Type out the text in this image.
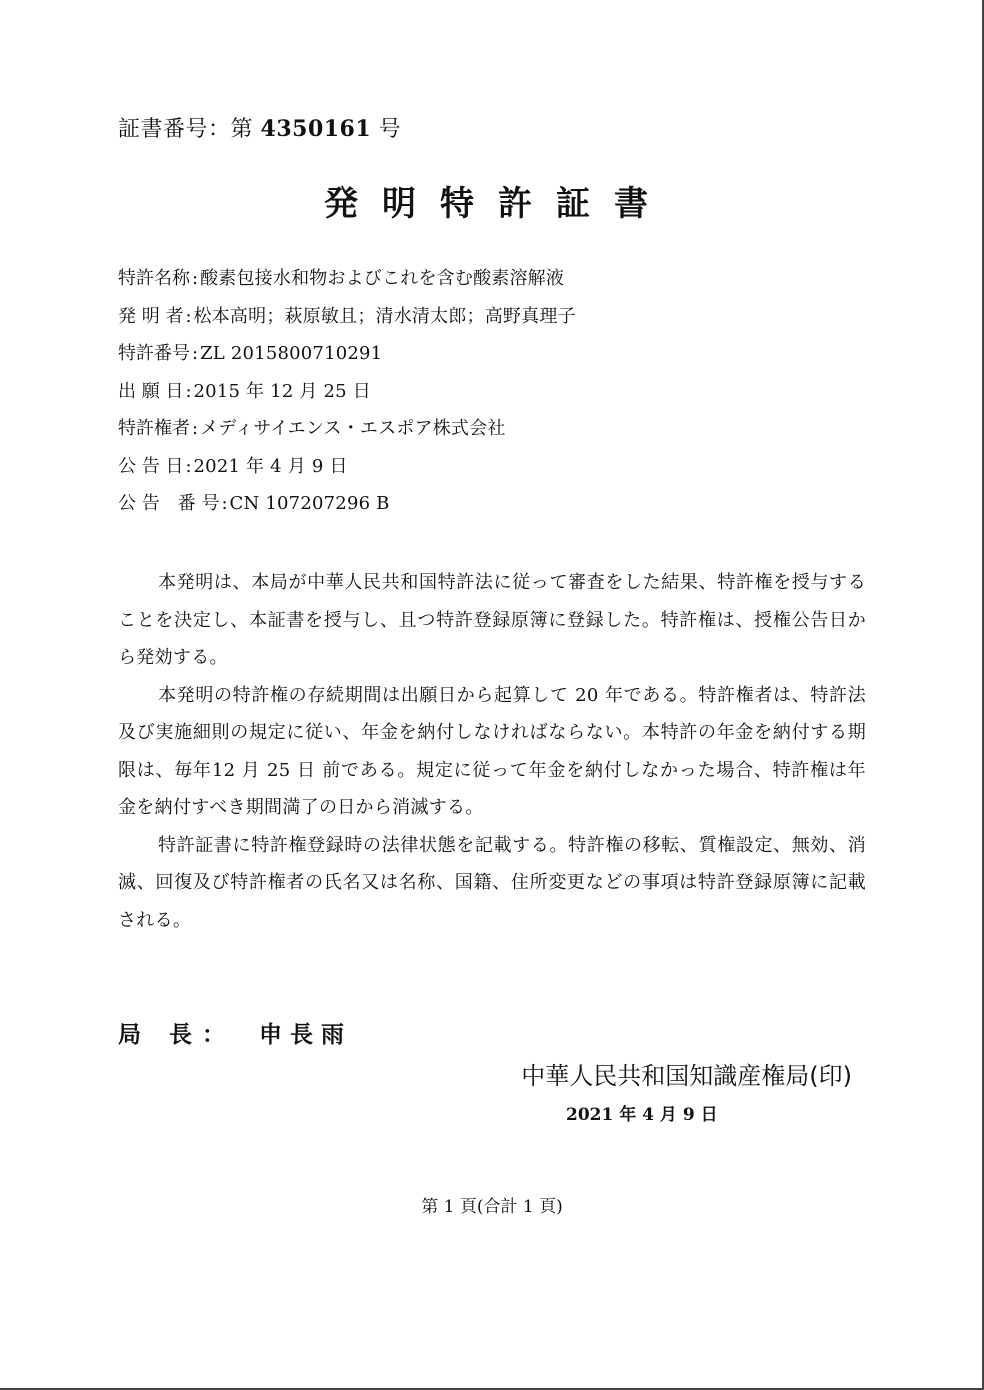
証書番号：第 4350161 号
発明特許証書
特許名称 : 酸素包接水和物およびこれを含む酸素溶解液
発 明 者 : 松本高明；萩原敏且；清水清太郎；高野真理子
特許番号 : ZL 2015800710291
出 願 日 : 2015 年 12 月 25 日
特許権者 : メディサイエンス・エスポア株式会社
公 告 日 : 2021 年 4 月 9 日
公 告　番 号 : CN 107207296 B

本発明は、本局が中華人民共和国特許法に従って審査をした結果、特許権を授与することを決定し、本証書を授与し、且つ特許登録原簿に登録した。特許権は、授権公告日から発効する。

本発明の特許権の存続期間は出願日から起算して 20 年である。特許権者は、特許法及び実施細則の規定に従い、年金を納付しなければならない。本特許の年金を納付する期限は、毎年12 月 25 日 前である。規定に従って年金を納付しなかった場合、特許権は年金を納付すべき期間満了の日から消滅する。

特許証書に特許権登録時の法律状態を記載する。特許権の移転、質権設定、無効、消滅、回復及び特許権者の氏名又は名称、国籍、住所変更などの事項は特許登録原簿に記載される。

局 長： 申長雨
中華人民共和国知識産権局(印)
2021 年 4 月 9 日
第 1 頁(合計 1 頁)
